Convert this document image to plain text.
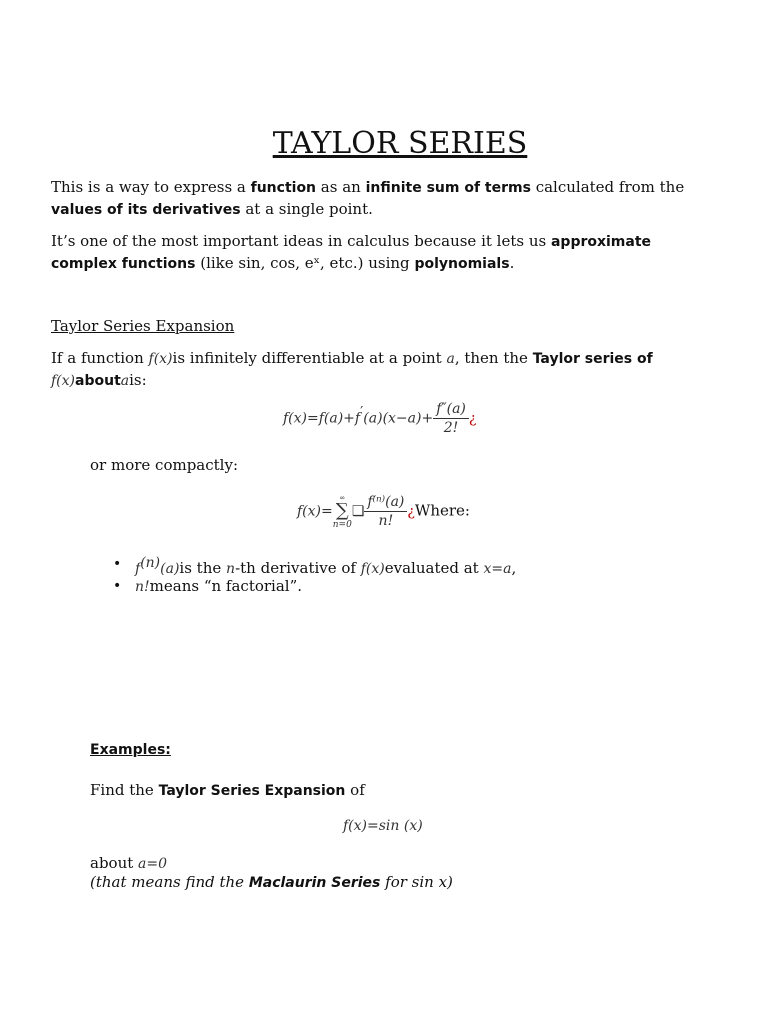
TAYLOR SERIES
This is a way to express a function as an infinite sum of terms calculated from the
values of its derivatives at a single point.
It’s one of the most important ideas in calculus because it lets us approximate
complex functions (like sin, cos, eˣ, etc.) using polynomials.
Taylor Series Expansion
If a function f(x)is infinitely differentiable at a point a, then the Taylor series of
f(x)aboutais:
$f(x)=f(a)+f'(a)(x-a)+ \frac{f''(a)}{2!}$ ¿
or more compactly:
f(x)=
∞
∑
n=0
❑ $\frac{\text{f⁽ⁿ⁾(a)}}{n!}$ ¿Where:
• $f^{(n)}(a)is$ the n-th derivative of f(x)evaluated at x=a,
• n!means “n factorial”.
Examples:
Find the Taylor Series Expansion of
f(x)=sin (x)
about a=0
(that means find the Maclaurin Series for sin x)
